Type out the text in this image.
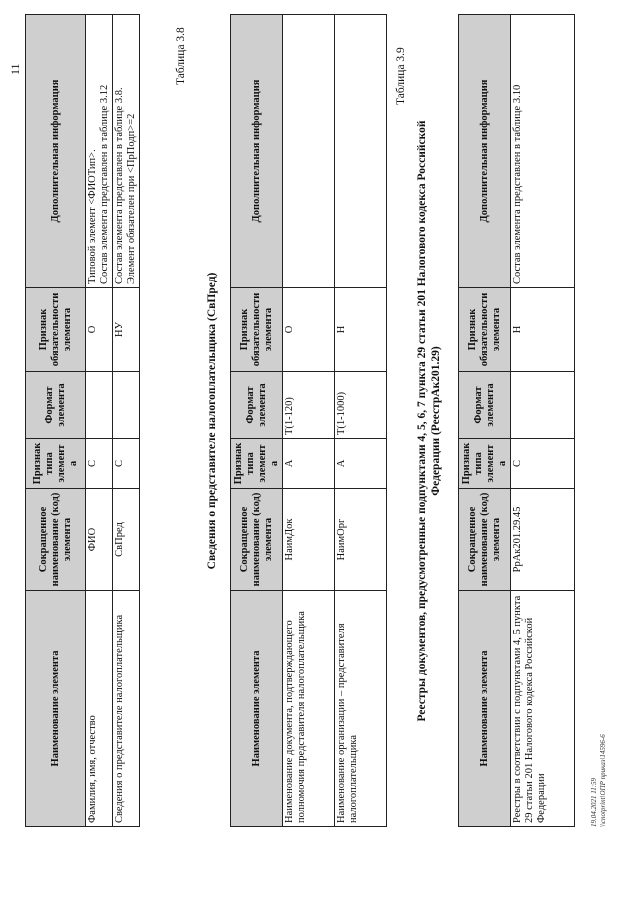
11
Наименование элемента	Сокращенное наименование (код) элемента	Признак типа элемента	Формат элемента	Признак обязательности элемента	Дополнительная информация
Фамилия, имя, отчество	ФИО	С		О	Типовой элемент <ФИОТип>.
Состав элемента представлен в таблице 3.12
Сведения о представителе налогоплательщика	СвПред	С		НУ	Состав элемента представлен в таблице 3.8.
Элемент обязателен при <ПрПодп>=2
Таблица 3.8
Сведения о представителе налогоплательщика (СвПред)
Наименование элемента	Сокращенное наименование (код) элемента	Признак типа элемента	Формат элемента	Признак обязательности элемента	Дополнительная информация
Наименование документа, подтверждающего полномочия представителя налогоплательщика	НаимДок	А	T(1-120)	О	
Наименование организации – представителя налогоплательщика	НаимОрг	А	T(1-1000)	Н	
Таблица 3.9
Реестры документов, предусмотренные подпунктами 4, 5, 6, 7 пункта 29 статьи 201 Налогового кодекса Российской Федерации (РеестрАк201.29)
Наименование элемента	Сокращенное наименование (код) элемента	Признак типа элемента	Формат элемента	Признак обязательности элемента	Дополнительная информация
Реестры в соответствии с подпунктами 4, 5 пункта 29 статьи 201 Налогового кодекса Российской Федерации	РрАк201.29.45	С		Н	Состав элемента представлен в таблице 3.10
19.04.2021 11:59 \\cnotprint\ОПР приказ\14596-6
